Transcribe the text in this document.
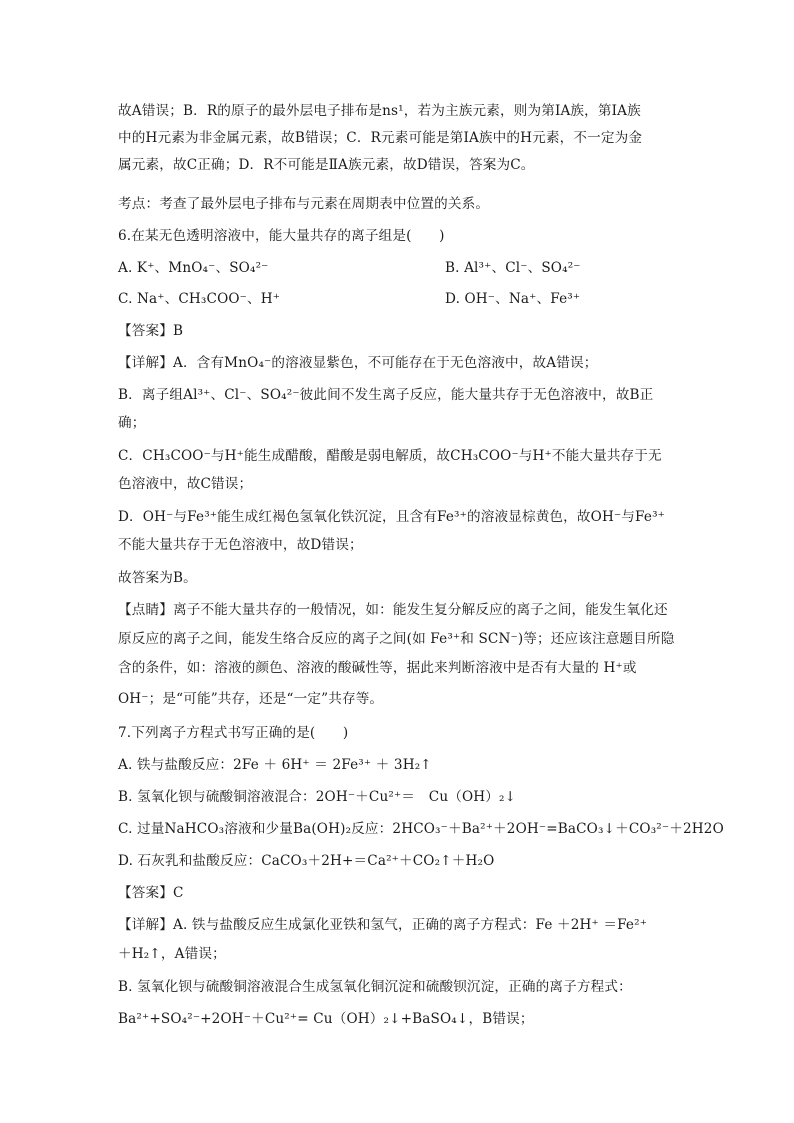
故A错误；B．R的原子的最外层电子排布是ns¹，若为主族元素，则为第IA族，第IA族
中的H元素为非金属元素，故B错误；C．R元素可能是第IA族中的H元素，不一定为金
属元素，故C正确；D．R不可能是ⅡA族元素，故D错误，答案为C。
考点：考查了最外层电子排布与元素在周期表中位置的关系。
6.在某无色透明溶液中，能大量共存的离子组是(　　)
A. K⁺、MnO₄⁻、SO₄²⁻	B. Al³⁺、Cl⁻、SO₄²⁻
C. Na⁺、CH₃COO⁻、H⁺	D. OH⁻、Na⁺、Fe³⁺
【答案】B
【详解】A．含有MnO₄⁻的溶液显紫色，不可能存在于无色溶液中，故A错误；
B．离子组Al³⁺、Cl⁻、SO₄²⁻彼此间不发生离子反应，能大量共存于无色溶液中，故B正
确；
C．CH₃COO⁻与H⁺能生成醋酸，醋酸是弱电解质，故CH₃COO⁻与H⁺不能大量共存于无
色溶液中，故C错误；
D．OH⁻与Fe³⁺能生成红褐色氢氧化铁沉淀，且含有Fe³⁺的溶液显棕黄色，故OH⁻与Fe³⁺
不能大量共存于无色溶液中，故D错误；
故答案为B。
【点睛】离子不能大量共存的一般情况，如：能发生复分解反应的离子之间，能发生氧化还
原反应的离子之间，能发生络合反应的离子之间(如 Fe³⁺和 SCN⁻)等；还应该注意题目所隐
含的条件，如：溶液的颜色、溶液的酸碱性等，据此来判断溶液中是否有大量的 H⁺或
OH⁻；是“可能”共存，还是“一定”共存等。
7.下列离子方程式书写正确的是(　　)
A. 铁与盐酸反应：2Fe ＋ 6H⁺ ＝ 2Fe³⁺ ＋ 3H₂↑
B. 氢氧化钡与硫酸铜溶液混合：2OH⁻＋Cu²⁺＝　Cu（OH）₂↓
C. 过量NaHCO₃溶液和少量Ba(OH)₂反应：2HCO₃⁻＋Ba²⁺＋2OH⁻=BaCO₃↓＋CO₃²⁻＋2H2O
D. 石灰乳和盐酸反应：CaCO₃＋2H+＝Ca²⁺＋CO₂↑＋H₂O
【答案】C
【详解】A. 铁与盐酸反应生成氯化亚铁和氢气，正确的离子方程式：Fe ＋2H⁺ ＝Fe²⁺
＋H₂↑，A错误；
B. 氢氧化钡与硫酸铜溶液混合生成氢氧化铜沉淀和硫酸钡沉淀，正确的离子方程式：
Ba²⁺+SO₄²⁻+2OH⁻＋Cu²⁺= Cu（OH）₂↓+BaSO₄↓，B错误；
